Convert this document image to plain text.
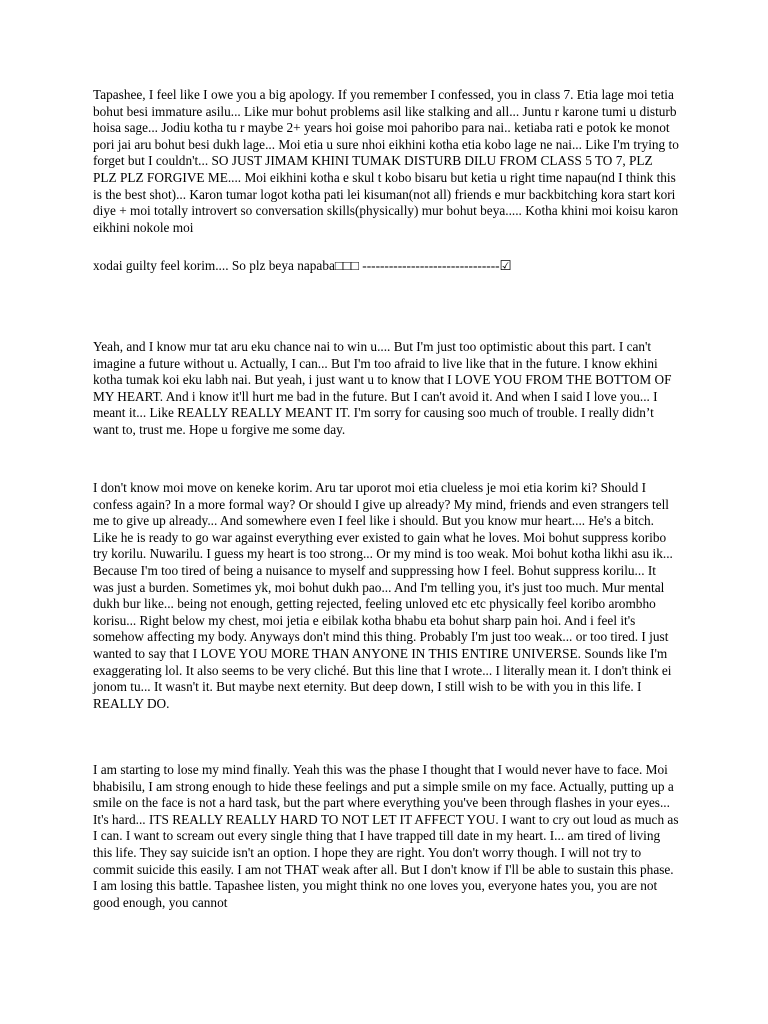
Tapashee, I feel like I owe you a big apology. If you remember I confessed, you in class 7. Etia lage moi tetia bohut besi immature asilu... Like mur bohut problems asil like stalking and all... Juntu r karone tumi u disturb hoisa sage... Jodiu kotha tu r maybe 2+ years hoi goise moi pahoribo para nai.. ketiaba rati e potok ke monot pori jai aru bohut besi dukh lage... Moi etia u sure nhoi eikhini kotha etia kobo lage ne nai... Like I'm trying to forget but I couldn't... SO JUST JIMAM KHINI TUMAK DISTURB DILU FROM CLASS 5 TO 7, PLZ PLZ PLZ FORGIVE ME.... Moi eikhini kotha e skul t kobo bisaru but ketia u right time napau(nd I think this is the best shot)... Karon tumar logot kotha pati lei kisuman(not all) friends e mur backbitching kora start kori diye + moi totally introvert so conversation skills(physically) mur bohut beya..... Kotha khini moi koisu karon eikhini nokole moi

xodai guilty feel korim.... So plz beya napaba□□□ -------------------------------☑

Yeah, and I know mur tat aru eku chance nai to win u.... But I'm just too optimistic about this part. I can't imagine a future without u. Actually, I can... But I'm too afraid to live like that in the future. I know ekhini kotha tumak koi eku labh nai. But yeah, i just want u to know that I LOVE YOU FROM THE BOTTOM OF MY HEART. And i know it'll hurt me bad in the future. But I can't avoid it. And when I said I love you... I meant it... Like REALLY REALLY MEANT IT. I'm sorry for causing soo much of trouble. I really didn’t want to, trust me. Hope u forgive me some day.

I don't know moi move on keneke korim. Aru tar uporot moi etia clueless je moi etia korim ki? Should I confess again? In a more formal way? Or should I give up already? My mind, friends and even strangers tell me to give up already... And somewhere even I feel like i should. But you know mur heart.... He's a bitch. Like he is ready to go war against everything ever existed to gain what he loves. Moi bohut suppress koribo try korilu. Nuwarilu. I guess my heart is too strong... Or my mind is too weak. Moi bohut kotha likhi asu ik... Because I'm too tired of being a nuisance to myself and suppressing how I feel. Bohut suppress korilu... It was just a burden. Sometimes yk, moi bohut dukh pao... And I'm telling you, it's just too much. Mur mental dukh bur like... being not enough, getting rejected, feeling unloved etc etc physically feel koribo arombho korisu... Right below my chest, moi jetia e eibilak kotha bhabu eta bohut sharp pain hoi. And i feel it's somehow affecting my body. Anyways don't mind this thing. Probably I'm just too weak... or too tired. I just wanted to say that I LOVE YOU MORE THAN ANYONE IN THIS ENTIRE UNIVERSE. Sounds like I'm exaggerating lol. It also seems to be very cliché. But this line that I wrote... I literally mean it. I don't think ei jonom tu... It wasn't it. But maybe next eternity. But deep down, I still wish to be with you in this life. I REALLY DO.

I am starting to lose my mind finally. Yeah this was the phase I thought that I would never have to face. Moi bhabisilu, I am strong enough to hide these feelings and put a simple smile on my face. Actually, putting up a smile on the face is not a hard task, but the part where everything you've been through flashes in your eyes... It's hard... ITS REALLY REALLY HARD TO NOT LET IT AFFECT YOU. I want to cry out loud as much as I can. I want to scream out every single thing that I have trapped till date in my heart. I... am tired of living this life. They say suicide isn't an option. I hope they are right. You don't worry though. I will not try to commit suicide this easily. I am not THAT weak after all. But I don't know if I'll be able to sustain this phase. I am losing this battle. Tapashee listen, you might think no one loves you, everyone hates you, you are not good enough, you cannot
